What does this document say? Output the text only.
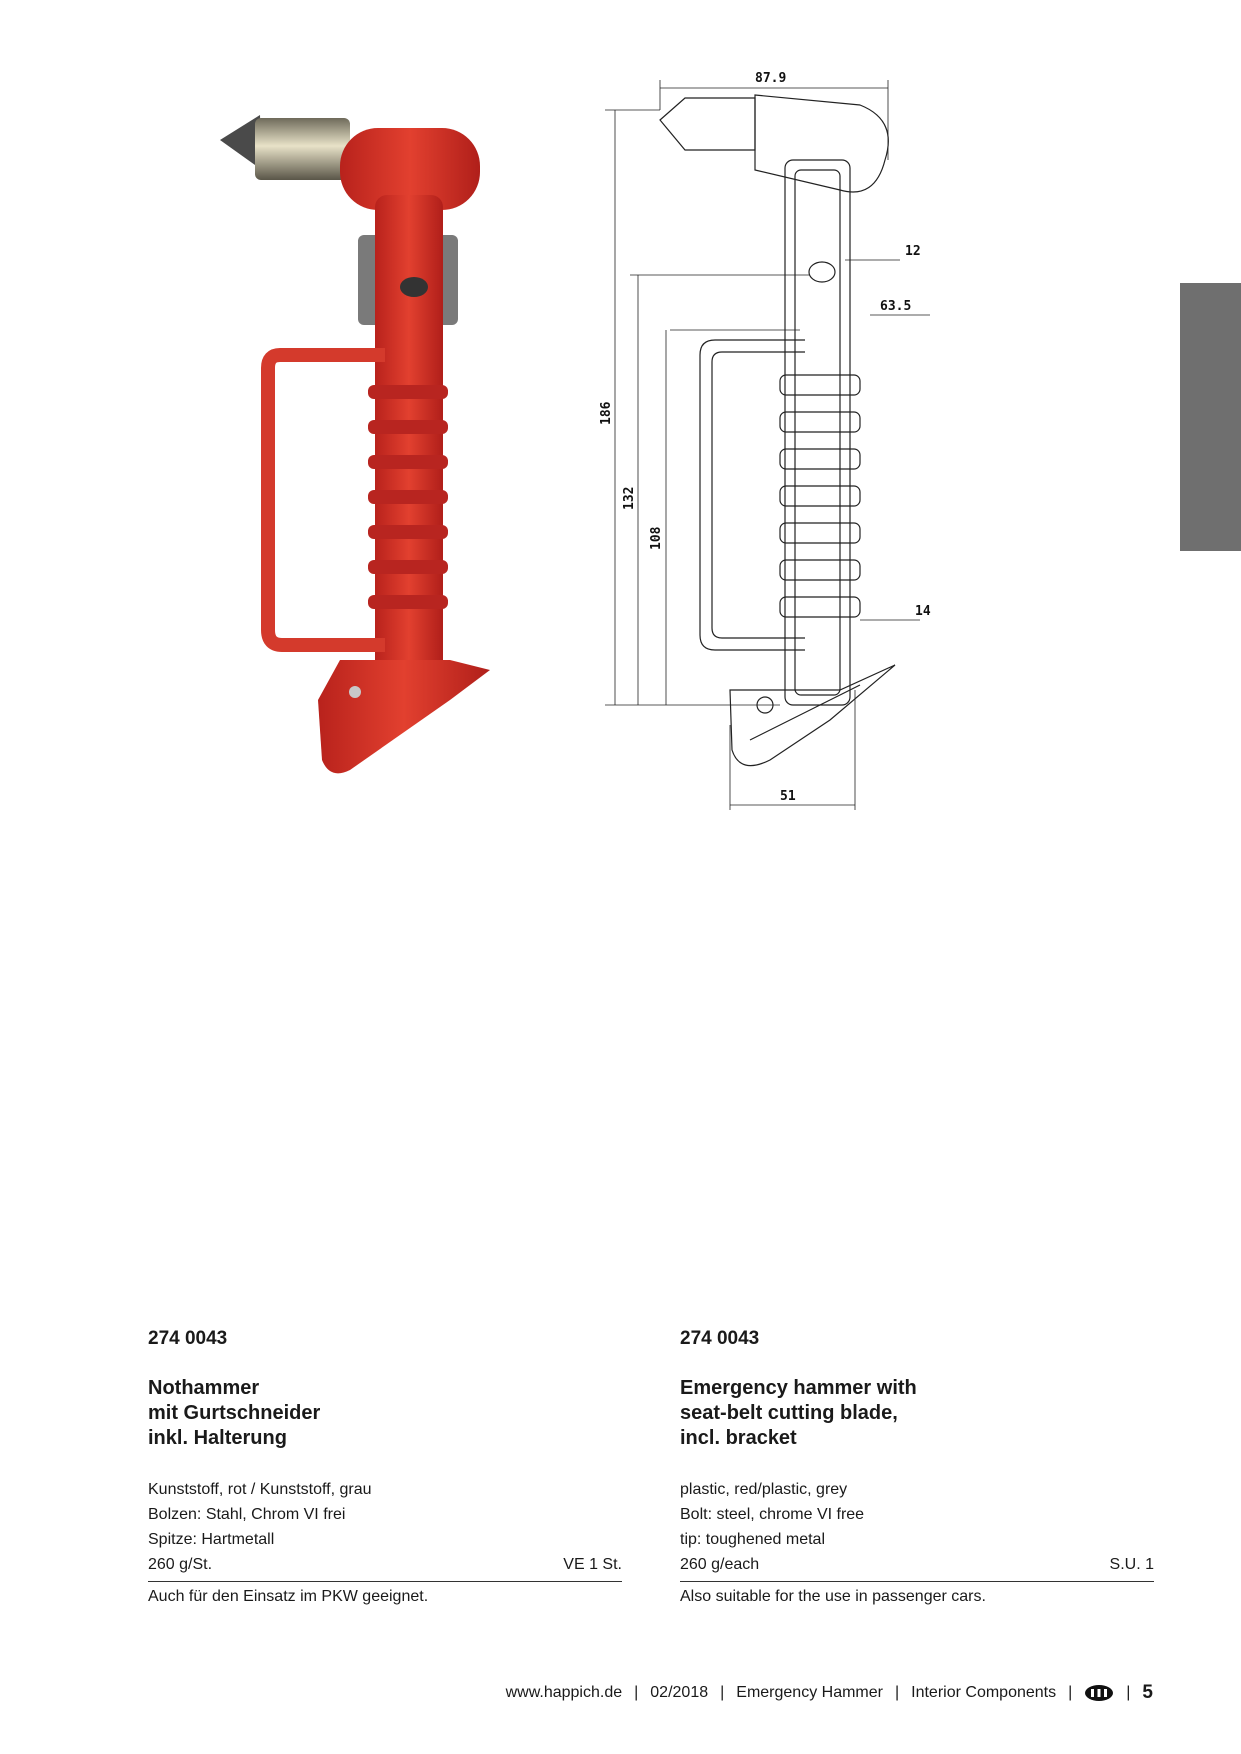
87.9
186
132
108
12
63.5
14
51

274 0043

Nothammer
mit Gurtschneider
inkl. Halterung

Kunststoff, rot / Kunststoff, grau
Bolzen: Stahl, Chrom VI frei
Spitze: Hartmetall
260 g/St.	VE 1 St.
Auch für den Einsatz im PKW geeignet.

274 0043

Emergency hammer with
seat-belt cutting blade,
incl. bracket

plastic, red/plastic, grey
Bolt: steel, chrome VI free
tip: toughened metal
260 g/each	S.U. 1
Also suitable for the use in passenger cars.
www.happich.de | 02/2018 | Emergency Hammer | Interior Components |	| 5
